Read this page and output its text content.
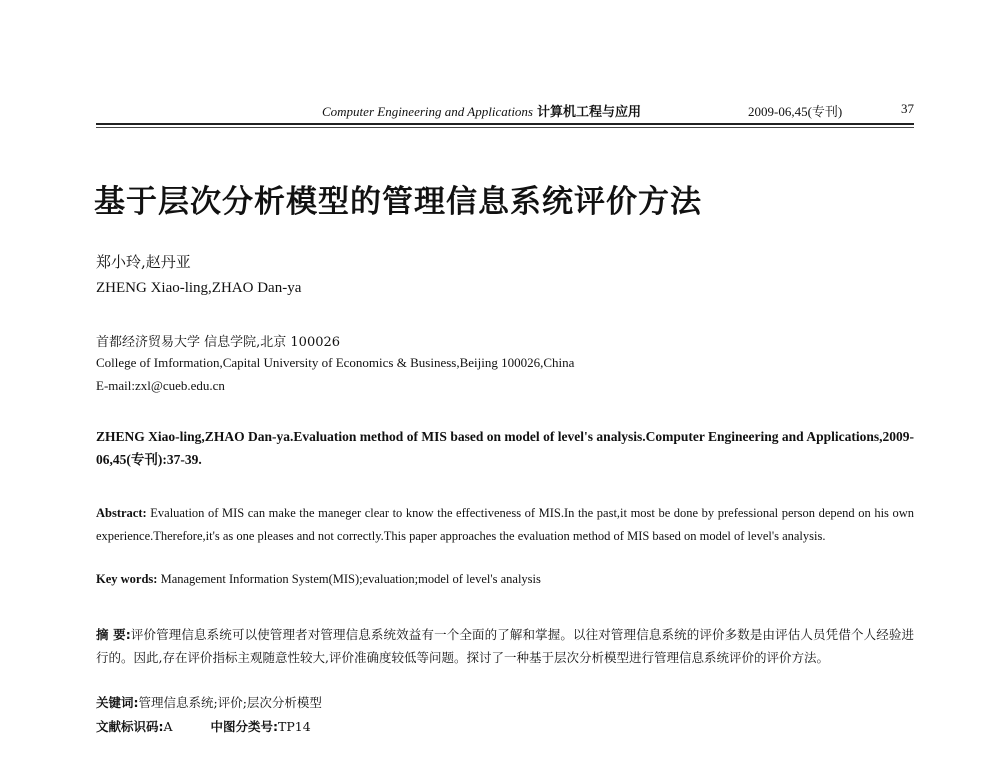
Computer Engineering and Applications 计算机工程与应用	2009-06,45(专刊)	37
基于层次分析模型的管理信息系统评价方法
郑小玲,赵丹亚
ZHENG Xiao-ling,ZHAO Dan-ya
首都经济贸易大学 信息学院,北京 100026
College of Imformation,Capital University of Economics & Business,Beijing 100026,China
E-mail:zxl@cueb.edu.cn
ZHENG Xiao-ling,ZHAO Dan-ya.Evaluation method of MIS based on model of level's analysis.Computer Engineering and Applications,2009-06,45(专刊):37-39.
Abstract: Evaluation of MIS can make the maneger clear to know the effectiveness of MIS.In the past,it most be done by prefessional person depend on his own experience.Therefore,it's as one pleases and not correctly.This paper approaches the evaluation method of MIS based on model of level's analysis.
Key words: Management Information System(MIS);evaluation;model of level's analysis
摘 要:评价管理信息系统可以使管理者对管理信息系统效益有一个全面的了解和掌握。以往对管理信息系统的评价多数是由评估人员凭借个人经验进行的。因此,存在评价指标主观随意性较大,评价准确度较低等问题。探讨了一种基于层次分析模型进行管理信息系统评价的评价方法。
关键词:管理信息系统;评价;层次分析模型
文献标识码:A	中图分类号:TP14
